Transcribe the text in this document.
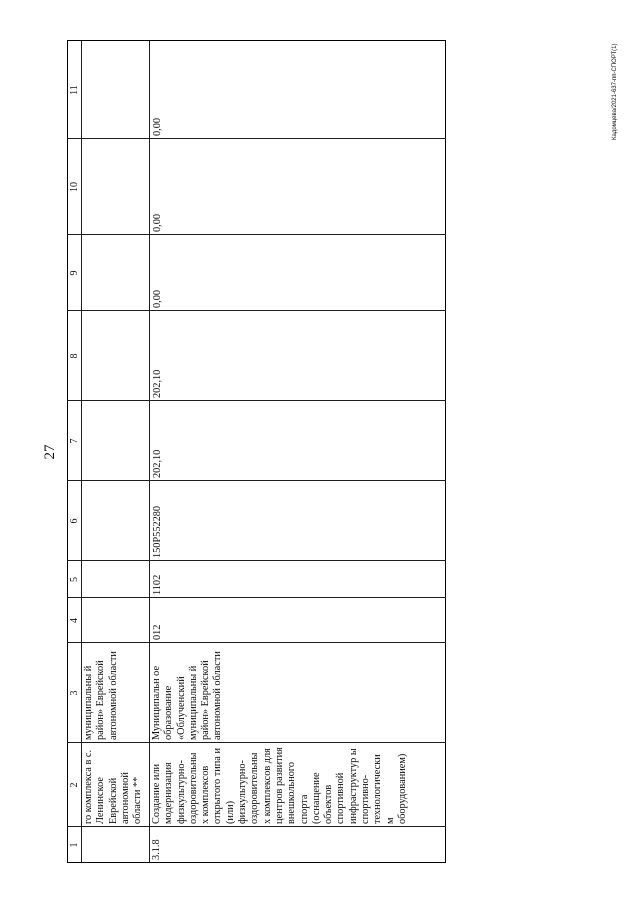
27
Кадомцева/2021-637-пп-СПОРТ(1)
1
2
3
4
5
6
7
8
9
10
11
го комплекса в с. Ленинское Еврейской автономной области **
муниципальны й район» Еврейской автономной области
3.1.8
Создание или модернизация физкультурно-оздоровительны х комплексов открытого типа и (или) физкультурно-оздоровительны х комплексов для центров развития внешкольного спорта (оснащение объектов спортивной инфраструктур ы спортивно-технологически м оборудованием)
Муниципальн ое образование «Облученский муниципальны й район» Еврейской автономной области
012
1102
150P552280
202,10
202,10
0,00
0,00
0,00
